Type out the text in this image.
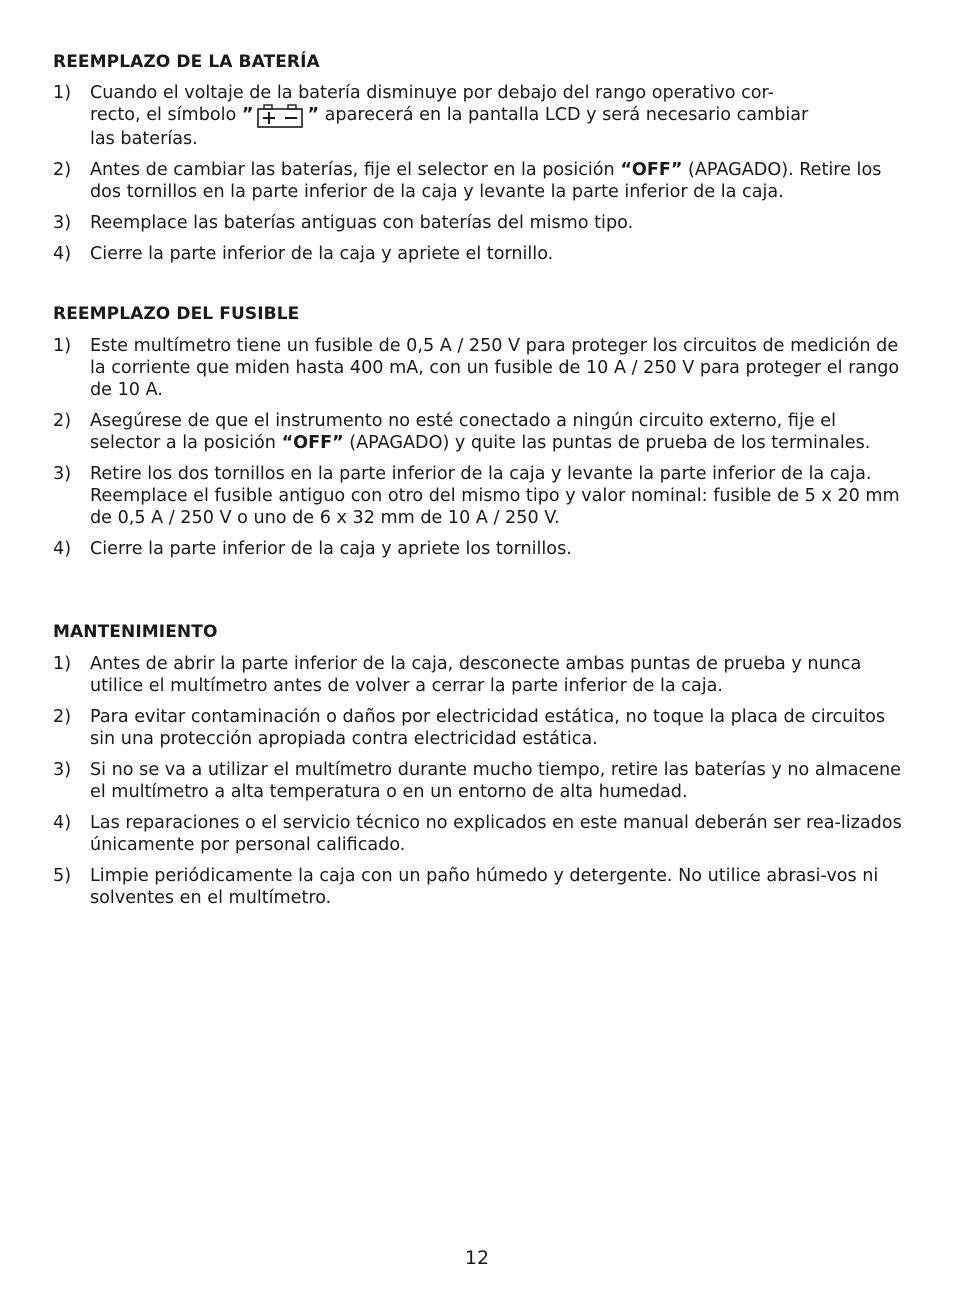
REEMPLAZO DE LA BATERÍA
1) Cuando el voltaje de la batería disminuye por debajo del rango operativo cor-
recto, el símbolo ”	” aparecerá en la pantalla LCD y será necesario cambiar
las baterías.
2) Antes de cambiar las baterías, fije el selector en la posición “OFF” (APAGADO). Retire los dos tornillos en la parte inferior de la caja y levante la parte inferior de la caja.
3) Reemplace las baterías antiguas con baterías del mismo tipo.
4) Cierre la parte inferior de la caja y apriete el tornillo.
REEMPLAZO DEL FUSIBLE
1) Este multímetro tiene un fusible de 0,5 A / 250 V para proteger los circuitos de medición de la corriente que miden hasta 400 mA, con un fusible de 10 A / 250 V para proteger el rango de 10 A.
2) Asegúrese de que el instrumento no esté conectado a ningún circuito externo, fije el selector a la posición “OFF” (APAGADO) y quite las puntas de prueba de los terminales.
3) Retire los dos tornillos en la parte inferior de la caja y levante la parte inferior de la caja. Reemplace el fusible antiguo con otro del mismo tipo y valor nominal: fusible de 5 x 20 mm de 0,5 A / 250 V o uno de 6 x 32 mm de 10 A / 250 V.
4) Cierre la parte inferior de la caja y apriete los tornillos.
MANTENIMIENTO
1) Antes de abrir la parte inferior de la caja, desconecte ambas puntas de prueba y nunca utilice el multímetro antes de volver a cerrar la parte inferior de la caja.
2) Para evitar contaminación o daños por electricidad estática, no toque la placa de circuitos sin una protección apropiada contra electricidad estática.
3) Si no se va a utilizar el multímetro durante mucho tiempo, retire las baterías y no almacene el multímetro a alta temperatura o en un entorno de alta humedad.
4) Las reparaciones o el servicio técnico no explicados en este manual deberán ser rea-lizados únicamente por personal calificado.
5) Limpie periódicamente la caja con un paño húmedo y detergente. No utilice abrasi-vos ni solventes en el multímetro.
12
